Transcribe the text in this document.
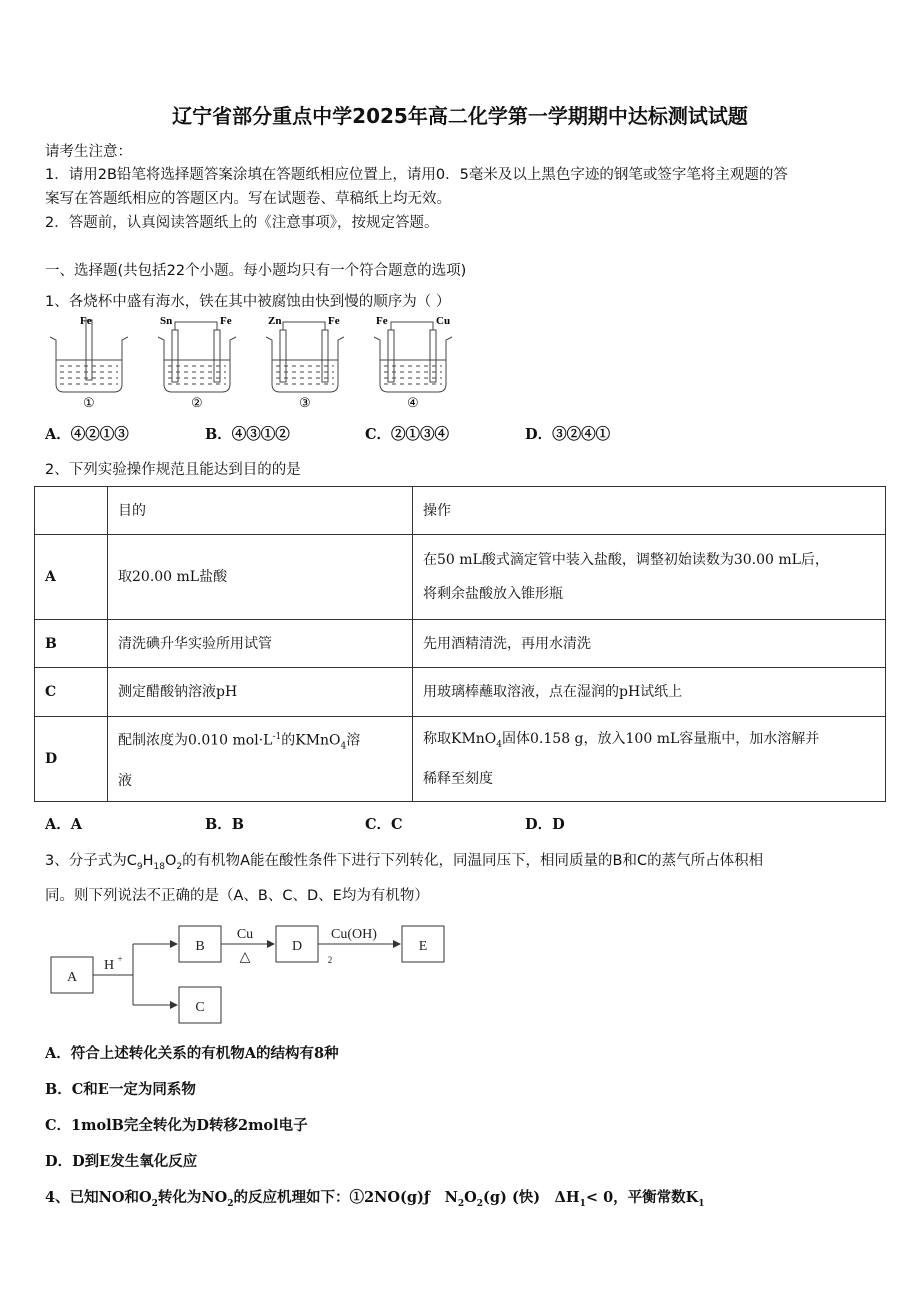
辽宁省部分重点中学2025年高二化学第一学期期中达标测试试题
请考生注意：
1．请用2B铅笔将选择题答案涂填在答题纸相应位置上，请用0．5毫米及以上黑色字迹的钢笔或签字笔将主观题的答
案写在答题纸相应的答题区内。写在试题卷、草稿纸上均无效。
2．答题前，认真阅读答题纸上的《注意事项》，按规定答题。
一、选择题(共包括22个小题。每小题均只有一个符合题意的选项)
1、各烧杯中盛有海水，铁在其中被腐蚀由快到慢的顺序为（ ）
Fe
①
Sn	Fe
②
Zn	Fe
③
Fe	Cu
④
A．④②①③	B．④③①②	C．②①③④	D．③②④①
2、下列实验操作规范且能达到目的的是
	目的	操作
A	取20.00 mL盐酸	在50 mL酸式滴定管中装入盐酸，调整初始读数为30.00 mL后，
将剩余盐酸放入锥形瓶
B	清洗碘升华实验所用试管	先用酒精清洗，再用水清洗
C	测定醋酸钠溶液pH	用玻璃棒蘸取溶液，点在湿润的pH试纸上
D	配制浓度为0.010 $mol\cdot L^{-1}$的KMnO$_4$溶
液	称取KMnO$_4$固体0.158 g，放入100 mL容量瓶中，加水溶解并
稀释至刻度
A．A	B．B	C．C	D．D
3、分子式为$C_9H_{18}O_2$的有机物A能在酸性条件下进行下列转化，同温同压下，相同质量的B和C的蒸气所占体积相
同。则下列说法不正确的是（A、B、C、D、E均为有机物）
A
B	D	E
C
H +
Cu
△
Cu(OH)
2
A．符合上述转化关系的有机物A的结构有8种
B．C和E一定为同系物
C．1molB完全转化为D转移2mol电子
D．D到E发生氧化反应
4、已知NO和$O_2$转化为$NO_2$的反应机理如下：①2NO(g)ƒ　$N_2O_2(g)$ (快)　$\Delta H_1< 0$，平衡常数$K_1$
